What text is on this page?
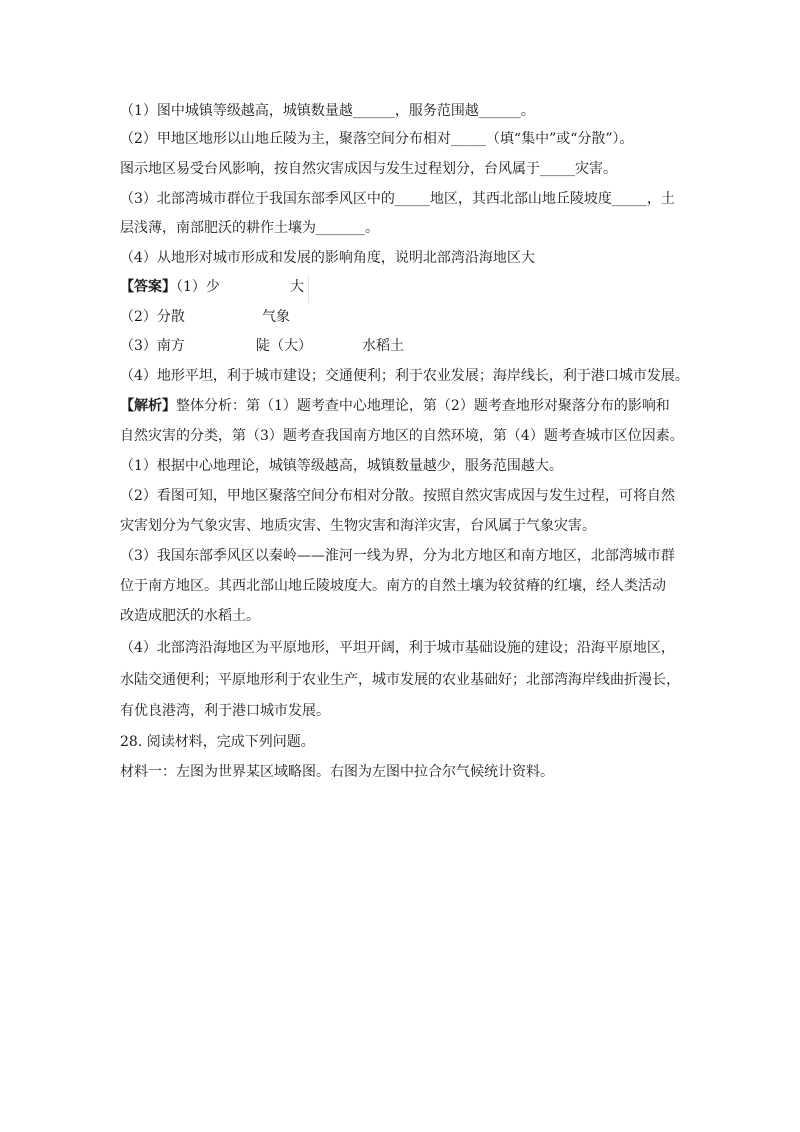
（1）图中城镇等级越高，城镇数量越______，服务范围越______。
（2）甲地区地形以山地丘陵为主，聚落空间分布相对_____（填“集中”或“分散”）。
图示地区易受台风影响，按自然灾害成因与发生过程划分，台风属于_____灾害。
（3）北部湾城市群位于我国东部季风区中的_____地区，其西北部山地丘陵坡度_____，土
层浅薄，南部肥沃的耕作土壤为_______。
（4）从地形对城市形成和发展的影响角度，说明北部湾沿海地区大
【答案】（1）少	大
（2）分散	气象
（3）南方	陡（大）	水稻土
（4）地形平坦，利于城市建设；交通便利；利于农业发展；海岸线长，利于港口城市发展。
【解析】整体分析：第（1）题考查中心地理论，第（2）题考查地形对聚落分布的影响和
自然灾害的分类，第（3）题考查我国南方地区的自然环境，第（4）题考查城市区位因素。
（1）根据中心地理论，城镇等级越高，城镇数量越少，服务范围越大。
（2）看图可知，甲地区聚落空间分布相对分散。按照自然灾害成因与发生过程，可将自然
灾害划分为气象灾害、地质灾害、生物灾害和海洋灾害，台风属于气象灾害。
（3）我国东部季风区以秦岭——淮河一线为界，分为北方地区和南方地区，北部湾城市群
位于南方地区。其西北部山地丘陵坡度大。南方的自然土壤为较贫瘠的红壤，经人类活动
改造成肥沃的水稻土。
（4）北部湾沿海地区为平原地形，平坦开阔，利于城市基础设施的建设；沿海平原地区，
水陆交通便利；平原地形利于农业生产，城市发展的农业基础好；北部湾海岸线曲折漫长，
有优良港湾，利于港口城市发展。
28. 阅读材料，完成下列问题。
材料一：左图为世界某区域略图。右图为左图中拉合尔气候统计资料。
